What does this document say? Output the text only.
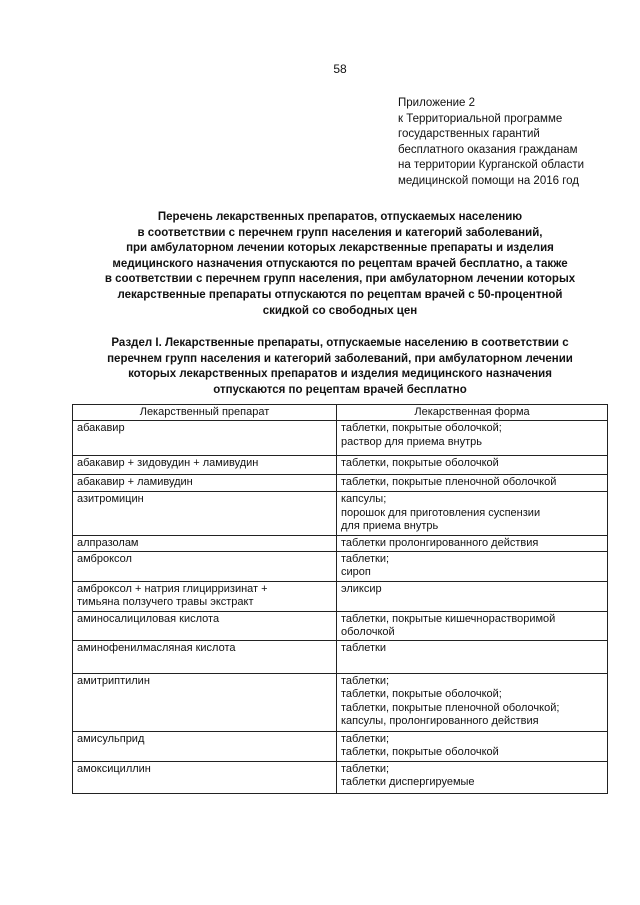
58
Приложение 2
к Территориальной программе
государственных гарантий
бесплатного оказания гражданам
на территории Курганской области
медицинской помощи на 2016 год
Перечень лекарственных препаратов, отпускаемых населению
в соответствии с перечнем групп населения и категорий заболеваний,
при амбулаторном лечении которых лекарственные препараты и изделия
медицинского назначения отпускаются по рецептам врачей бесплатно, а также
в соответствии с перечнем групп населения, при амбулаторном лечении которых
лекарственные препараты отпускаются по рецептам врачей с 50-процентной
скидкой со свободных цен
Раздел I. Лекарственные препараты, отпускаемые населению в соответствии с
перечнем групп населения и категорий заболеваний, при амбулаторном лечении
которых лекарственных препаратов и изделия медицинского назначения
отпускаются по рецептам врачей бесплатно
Лекарственный препарат	Лекарственная форма

абакавир	таблетки, покрытые оболочкой;
раствор для приема внутрь

абакавир + зидовудин + ламивудин	таблетки, покрытые оболочкой

абакавир + ламивудин	таблетки, покрытые пленочной оболочкой

азитромицин	капсулы;
порошок для приготовления суспензии
для приема внутрь

алпразолам	таблетки пролонгированного действия

амброксол	таблетки;
сироп

амброксол + натрия глицирризинат +
тимьяна ползучего травы экстракт	эликсир

аминосалициловая кислота	таблетки, покрытые кишечнорастворимой
оболочкой

аминофенилмасляная кислота	таблетки

амитриптилин	таблетки;
таблетки, покрытые оболочкой;
таблетки, покрытые пленочной оболочкой;
капсулы, пролонгированного действия

амисульприд	таблетки;
таблетки, покрытые оболочкой

амоксициллин	таблетки;
таблетки диспергируемые
